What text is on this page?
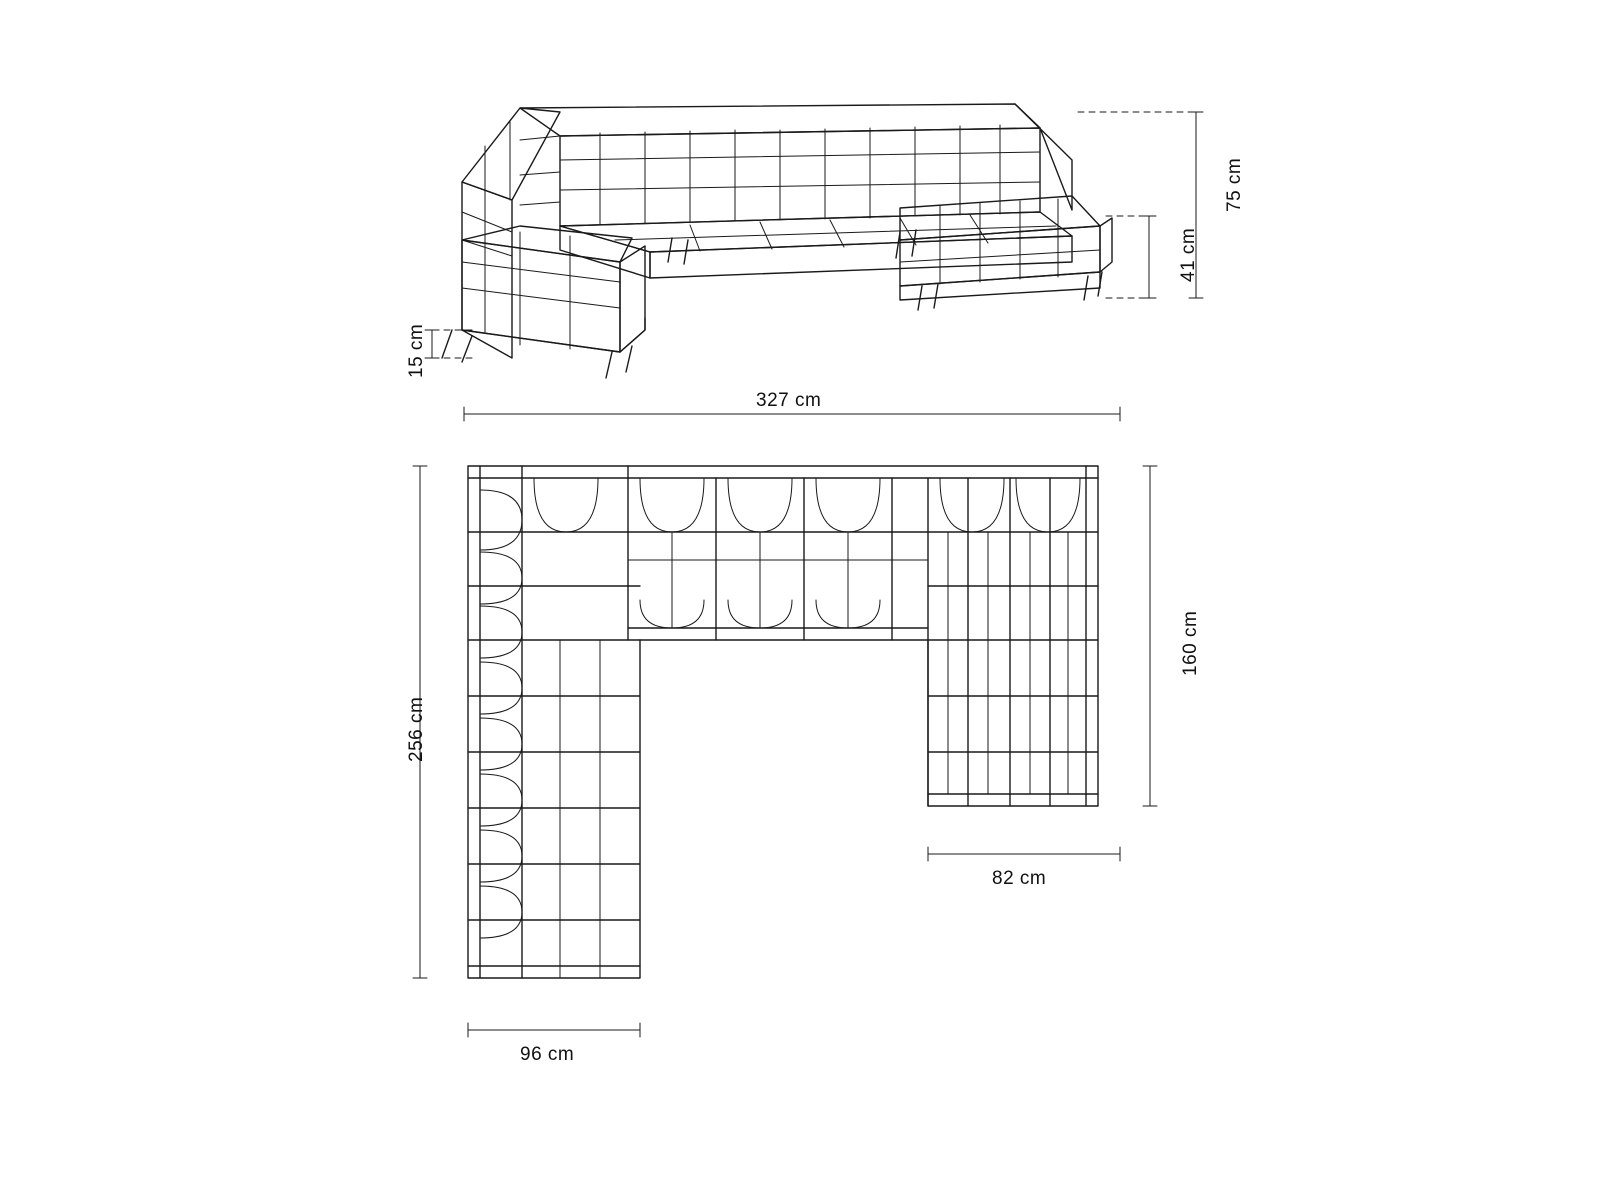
75 cm
41 cm
15 cm
327 cm
256 cm
160 cm
82 cm
96 cm
